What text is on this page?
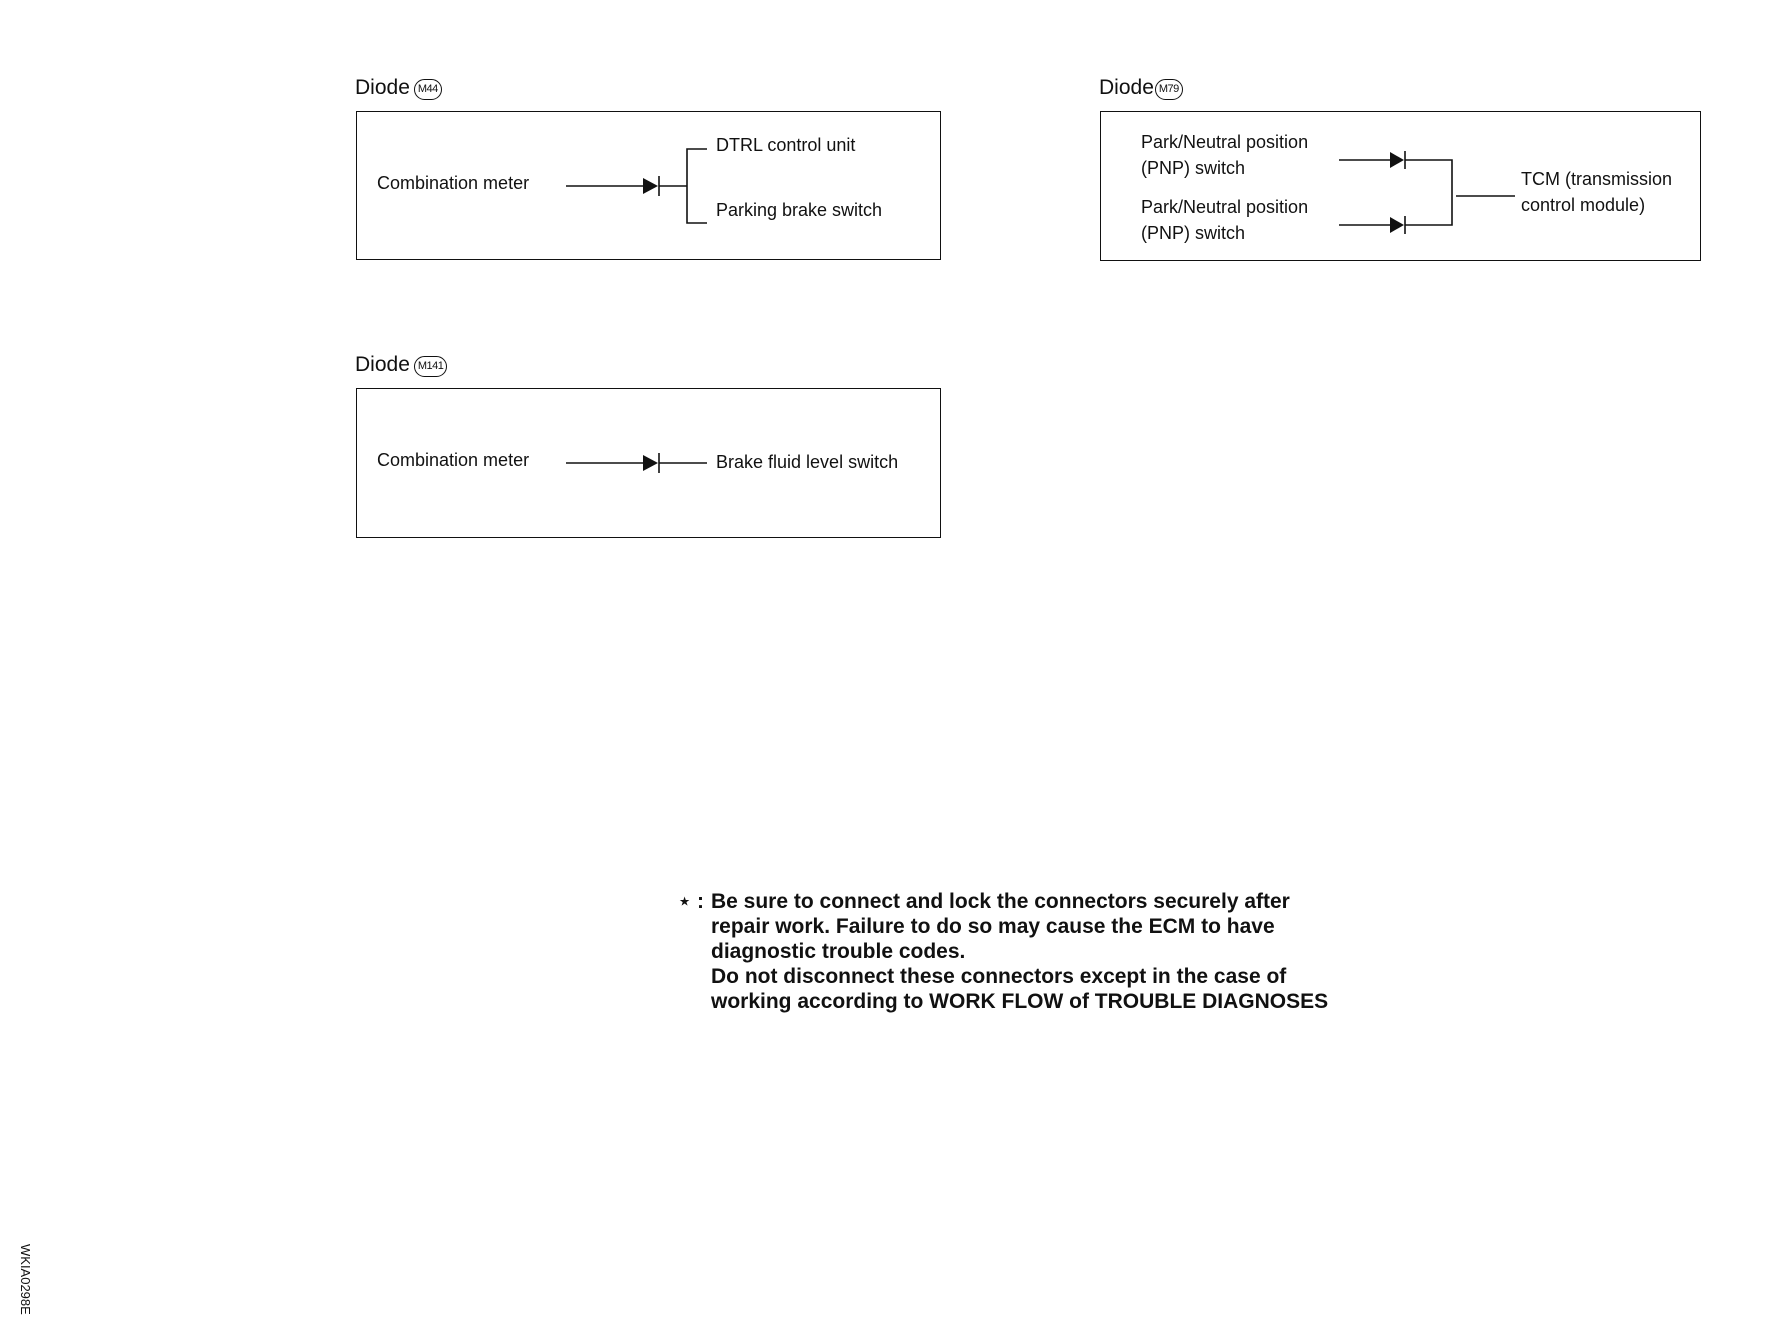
Diode M44
Combination meter
DTRL control unit
Parking brake switch
Diode M79
Park/Neutral position
(PNP) switch
Park/Neutral position
(PNP) switch
TCM (transmission
control module)
Diode M141
Combination meter	Brake fluid level switch
⋆ : Be sure to connect and lock the connectors securely after
repair work. Failure to do so may cause the ECM to have
diagnostic trouble codes.
Do not disconnect these connectors except in the case of
working according to WORK FLOW of TROUBLE DIAGNOSES
WKIA0298E
